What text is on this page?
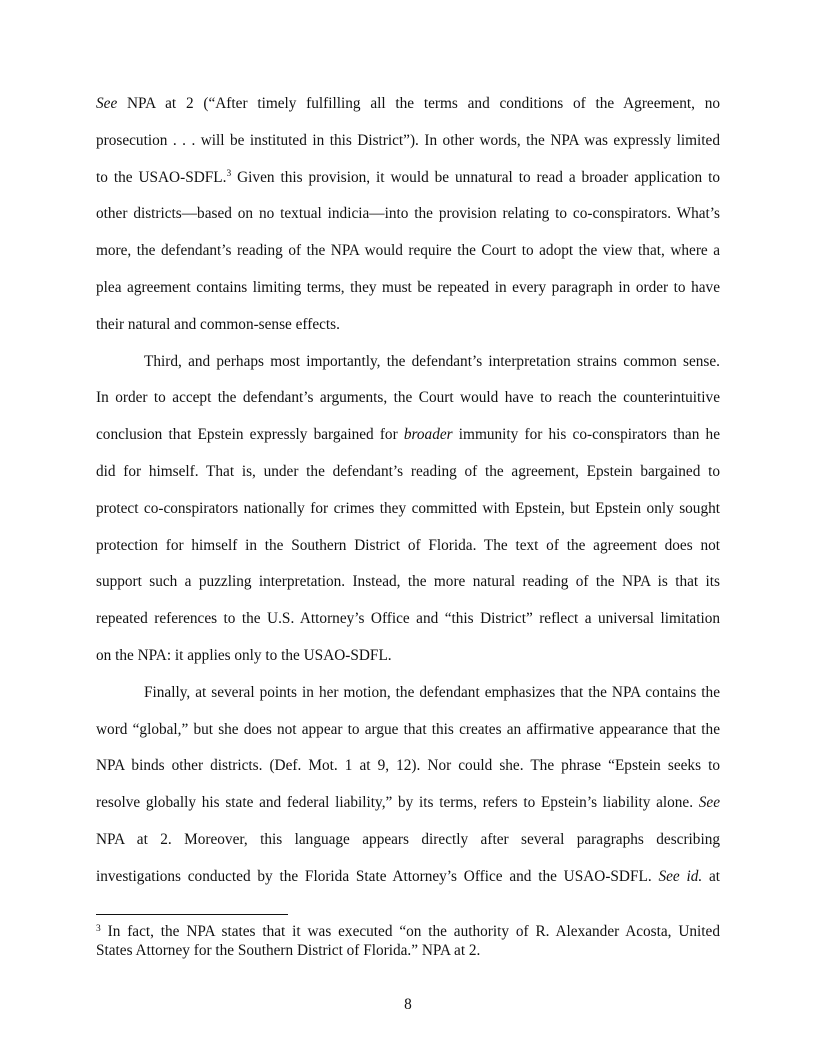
See NPA at 2 (“After timely fulfilling all the terms and conditions of the Agreement, no
prosecution . . . will be instituted in this District”). In other words, the NPA was expressly limited
to the USAO-SDFL.$^3$ Given this provision, it would be unnatural to read a broader application to
other districts—based on no textual indicia—into the provision relating to co-conspirators. What’s
more, the defendant’s reading of the NPA would require the Court to adopt the view that, where a
plea agreement contains limiting terms, they must be repeated in every paragraph in order to have
their natural and common-sense effects.

Third, and perhaps most importantly, the defendant’s interpretation strains common sense.
In order to accept the defendant’s arguments, the Court would have to reach the counterintuitive
conclusion that Epstein expressly bargained for broader immunity for his co-conspirators than he
did for himself. That is, under the defendant’s reading of the agreement, Epstein bargained to
protect co-conspirators nationally for crimes they committed with Epstein, but Epstein only sought
protection for himself in the Southern District of Florida. The text of the agreement does not
support such a puzzling interpretation. Instead, the more natural reading of the NPA is that its
repeated references to the U.S. Attorney’s Office and “this District” reflect a universal limitation
on the NPA: it applies only to the USAO-SDFL.

Finally, at several points in her motion, the defendant emphasizes that the NPA contains the
word “global,” but she does not appear to argue that this creates an affirmative appearance that the
NPA binds other districts. (Def. Mot. 1 at 9, 12). Nor could she. The phrase “Epstein seeks to
resolve globally his state and federal liability,” by its terms, refers to Epstein’s liability alone. See
NPA at 2. Moreover, this language appears directly after several paragraphs describing
investigations conducted by the Florida State Attorney’s Office and the USAO-SDFL. See id. at

$^3$ In fact, the NPA states that it was executed “on the authority of R. Alexander Acosta, United
States Attorney for the Southern District of Florida.” NPA at 2.
8
